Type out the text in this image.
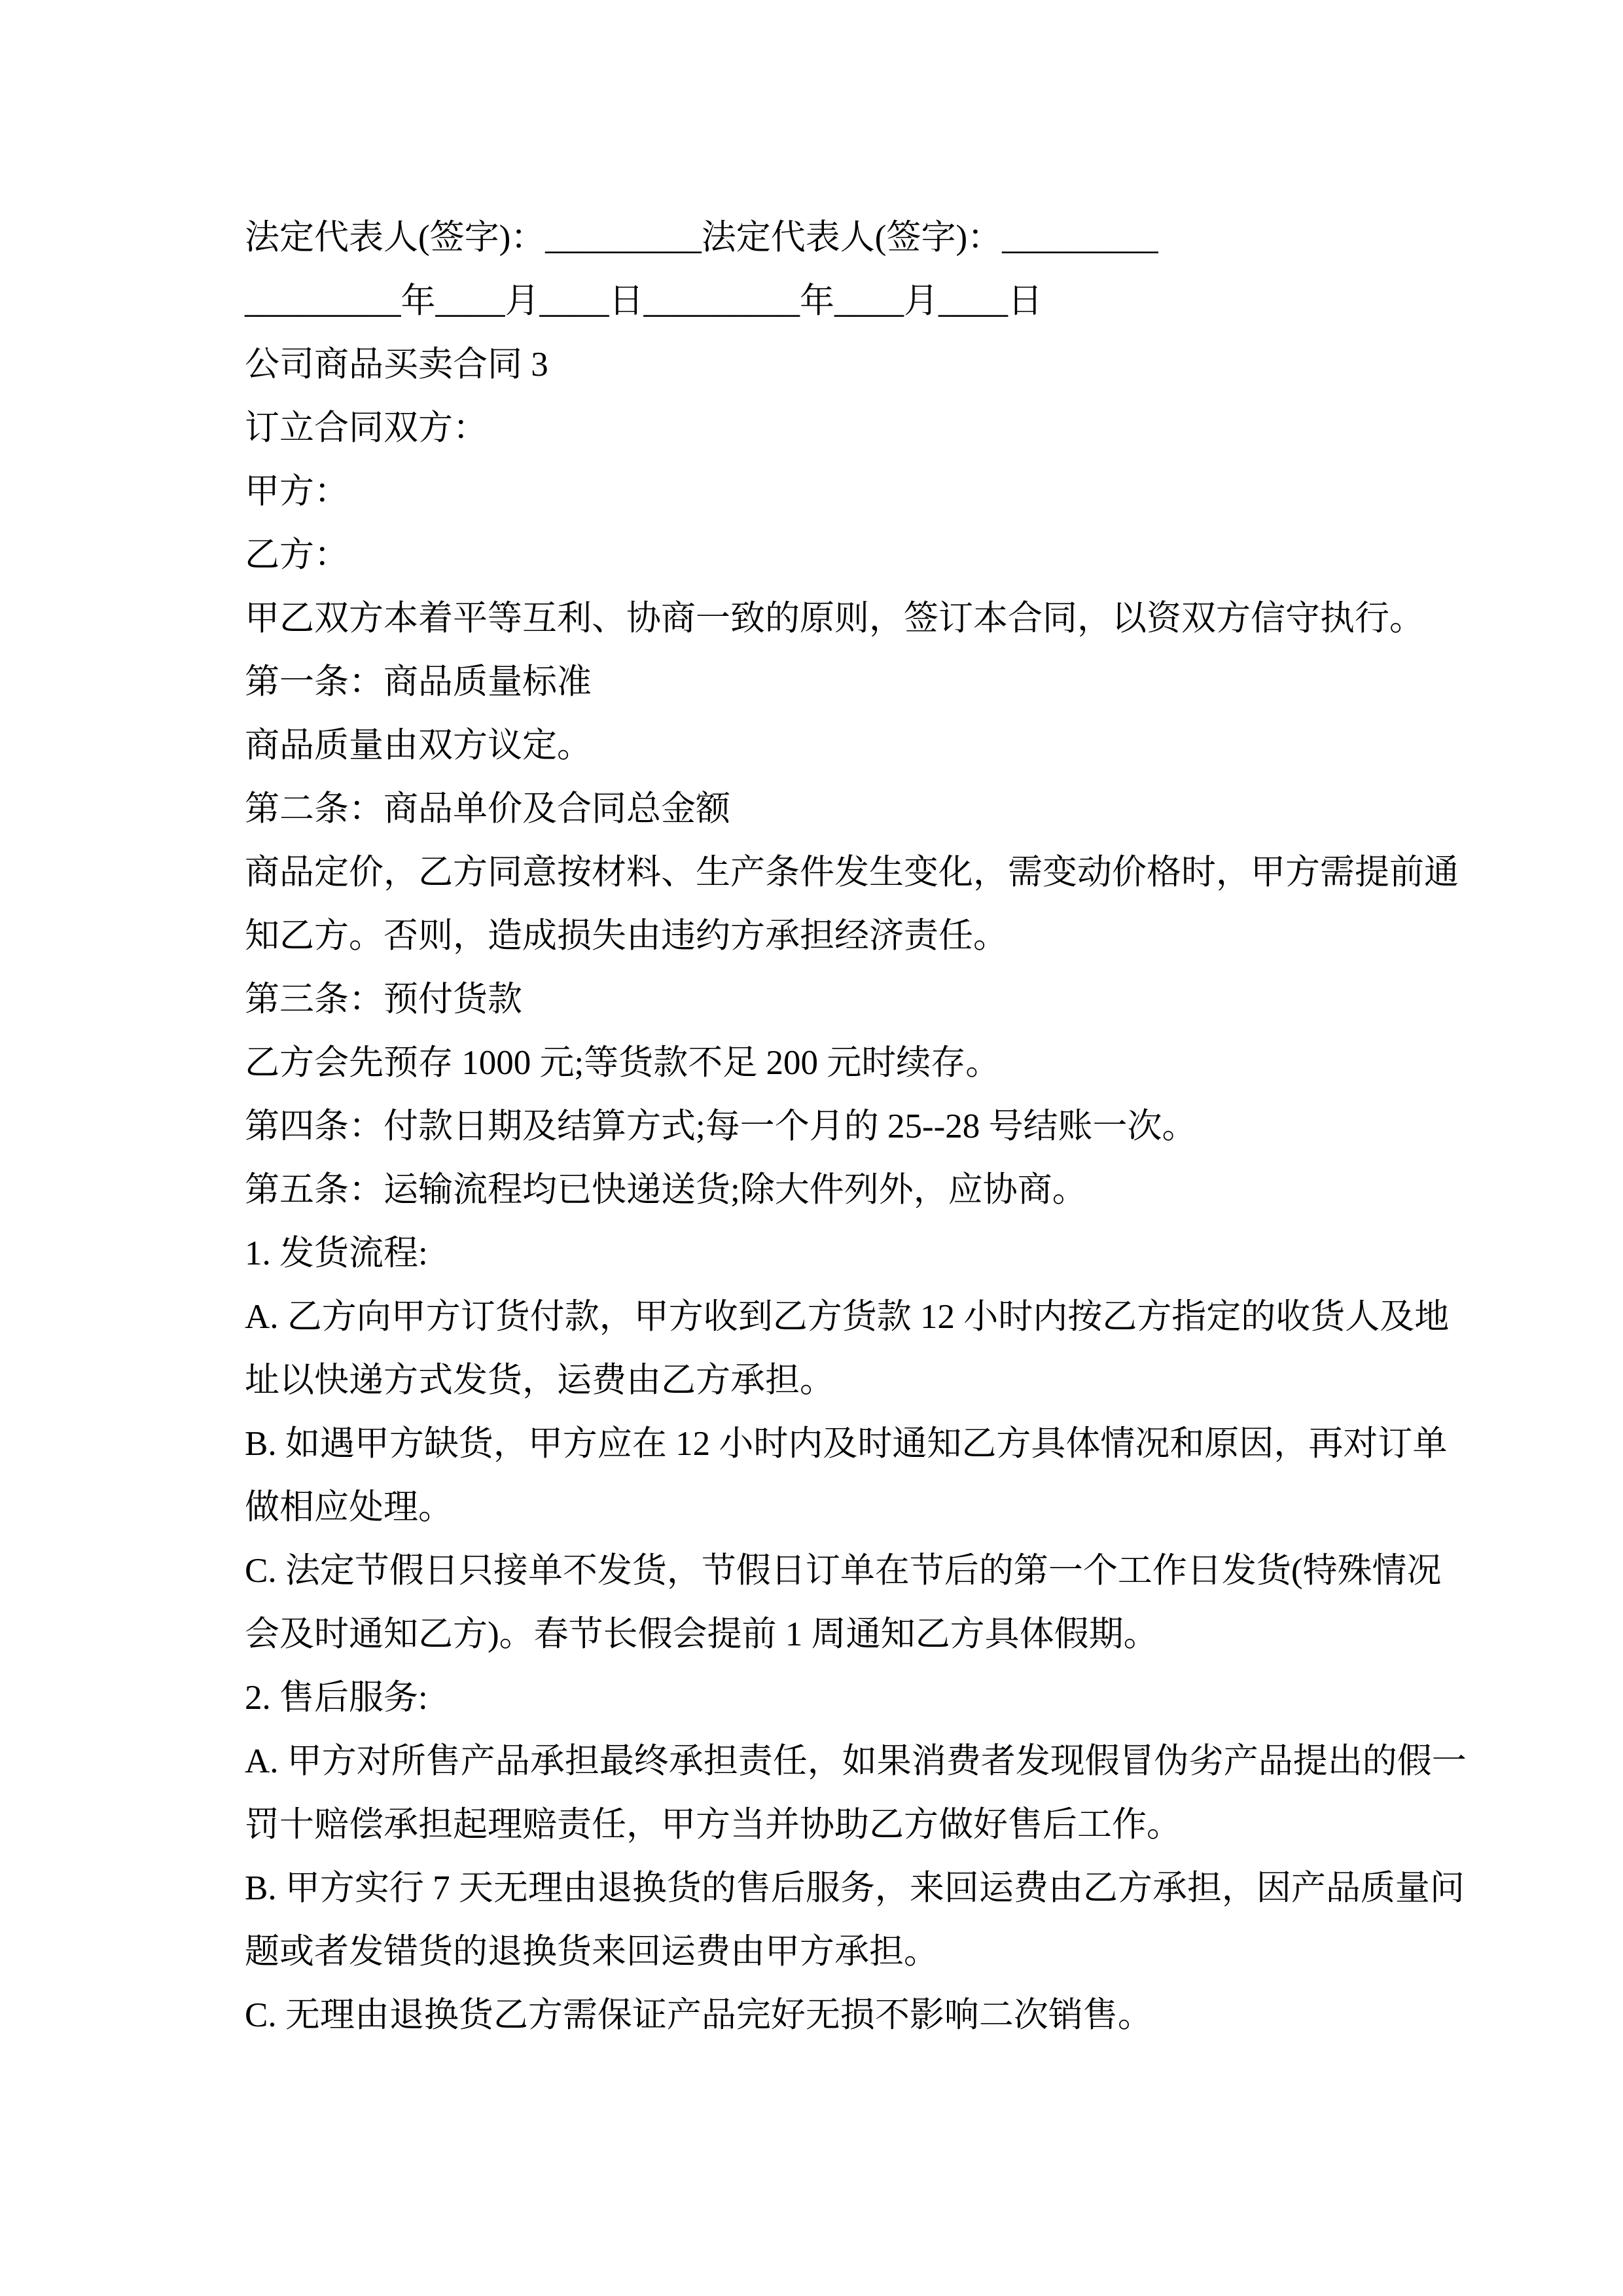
法定代表人(签字)：_________法定代表人(签字)：_________
_________年____月____日_________年____月____日
公司商品买卖合同 3
订立合同双方：
甲方：
乙方：
甲乙双方本着平等互利、协商一致的原则，签订本合同，以资双方信守执行。
第一条：商品质量标准
商品质量由双方议定。
第二条：商品单价及合同总金额
商品定价，乙方同意按材料、生产条件发生变化，需变动价格时，甲方需提前通
知乙方。否则，造成损失由违约方承担经济责任。
第三条：预付货款
乙方会先预存 1000 元;等货款不足 200 元时续存。
第四条：付款日期及结算方式;每一个月的 25--28 号结账一次。
第五条：运输流程均已快递送货;除大件列外，应协商。
1. 发货流程:
A. 乙方向甲方订货付款，甲方收到乙方货款 12 小时内按乙方指定的收货人及地
址以快递方式发货，运费由乙方承担。
B. 如遇甲方缺货，甲方应在 12 小时内及时通知乙方具体情况和原因，再对订单
做相应处理。
C. 法定节假日只接单不发货，节假日订单在节后的第一个工作日发货(特殊情况
会及时通知乙方)。春节长假会提前 1 周通知乙方具体假期。
2. 售后服务:
A. 甲方对所售产品承担最终承担责任，如果消费者发现假冒伪劣产品提出的假一
罚十赔偿承担起理赔责任，甲方当并协助乙方做好售后工作。
B. 甲方实行 7 天无理由退换货的售后服务，来回运费由乙方承担，因产品质量问
题或者发错货的退换货来回运费由甲方承担。
C. 无理由退换货乙方需保证产品完好无损不影响二次销售。
